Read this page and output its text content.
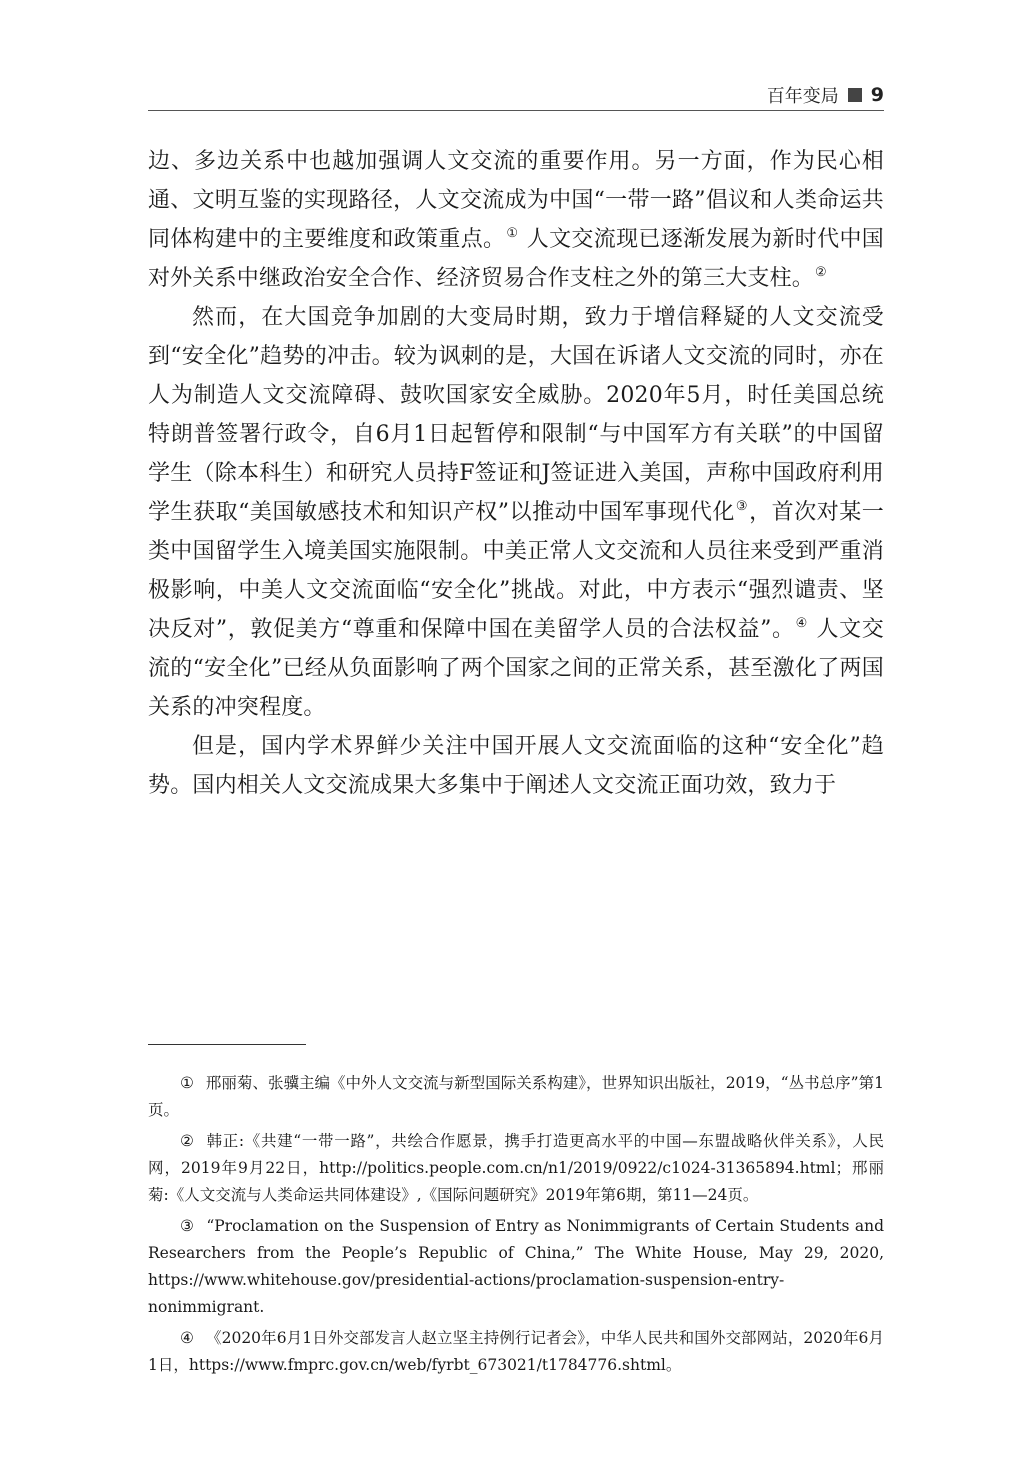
百年变局 9

边、多边关系中也越加强调人文交流的重要作用。另一方面，作为民心相通、文明互鉴的实现路径，人文交流成为中国“一带一路”倡议和人类命运共同体构建中的主要维度和政策重点。① 人文交流现已逐渐发展为新时代中国对外关系中继政治安全合作、经济贸易合作支柱之外的第三大支柱。②

然而，在大国竞争加剧的大变局时期，致力于增信释疑的人文交流受到“安全化”趋势的冲击。较为讽刺的是，大国在诉诸人文交流的同时，亦在人为制造人文交流障碍、鼓吹国家安全威胁。2020年5月，时任美国总统特朗普签署行政令，自6月1日起暂停和限制“与中国军方有关联”的中国留学生（除本科生）和研究人员持F签证和J签证进入美国，声称中国政府利用学生获取“美国敏感技术和知识产权”以推动中国军事现代化③，首次对某一类中国留学生入境美国实施限制。中美正常人文交流和人员往来受到严重消极影响，中美人文交流面临“安全化”挑战。对此，中方表示“强烈谴责、坚决反对”，敦促美方“尊重和保障中国在美留学人员的合法权益”。④ 人文交流的“安全化”已经从负面影响了两个国家之间的正常关系，甚至激化了两国关系的冲突程度。

但是，国内学术界鲜少关注中国开展人文交流面临的这种“安全化”趋势。国内相关人文交流成果大多集中于阐述人文交流正面功效，致力于

① 邢丽菊、张骥主编《中外人文交流与新型国际关系构建》，世界知识出版社，2019，“丛书总序”第1页。
② 韩正:《共建“一带一路”，共绘合作愿景，携手打造更高水平的中国—东盟战略伙伴关系》，人民网，2019年9月22日，http://politics.people.com.cn/n1/2019/0922/c1024-31365894.html；邢丽菊:《人文交流与人类命运共同体建设》,《国际问题研究》2019年第6期，第11—24页。
③ “Proclamation on the Suspension of Entry as Nonimmigrants of Certain Students and Researchers from the People’s Republic of China,” The White House, May 29, 2020, https://www.whitehouse.gov/presidential-actions/proclamation-suspension-entry-nonimmigrant.
④ 《2020年6月1日外交部发言人赵立坚主持例行记者会》，中华人民共和国外交部网站，2020年6月1日，https://www.fmprc.gov.cn/web/fyrbt_673021/t1784776.shtml。
